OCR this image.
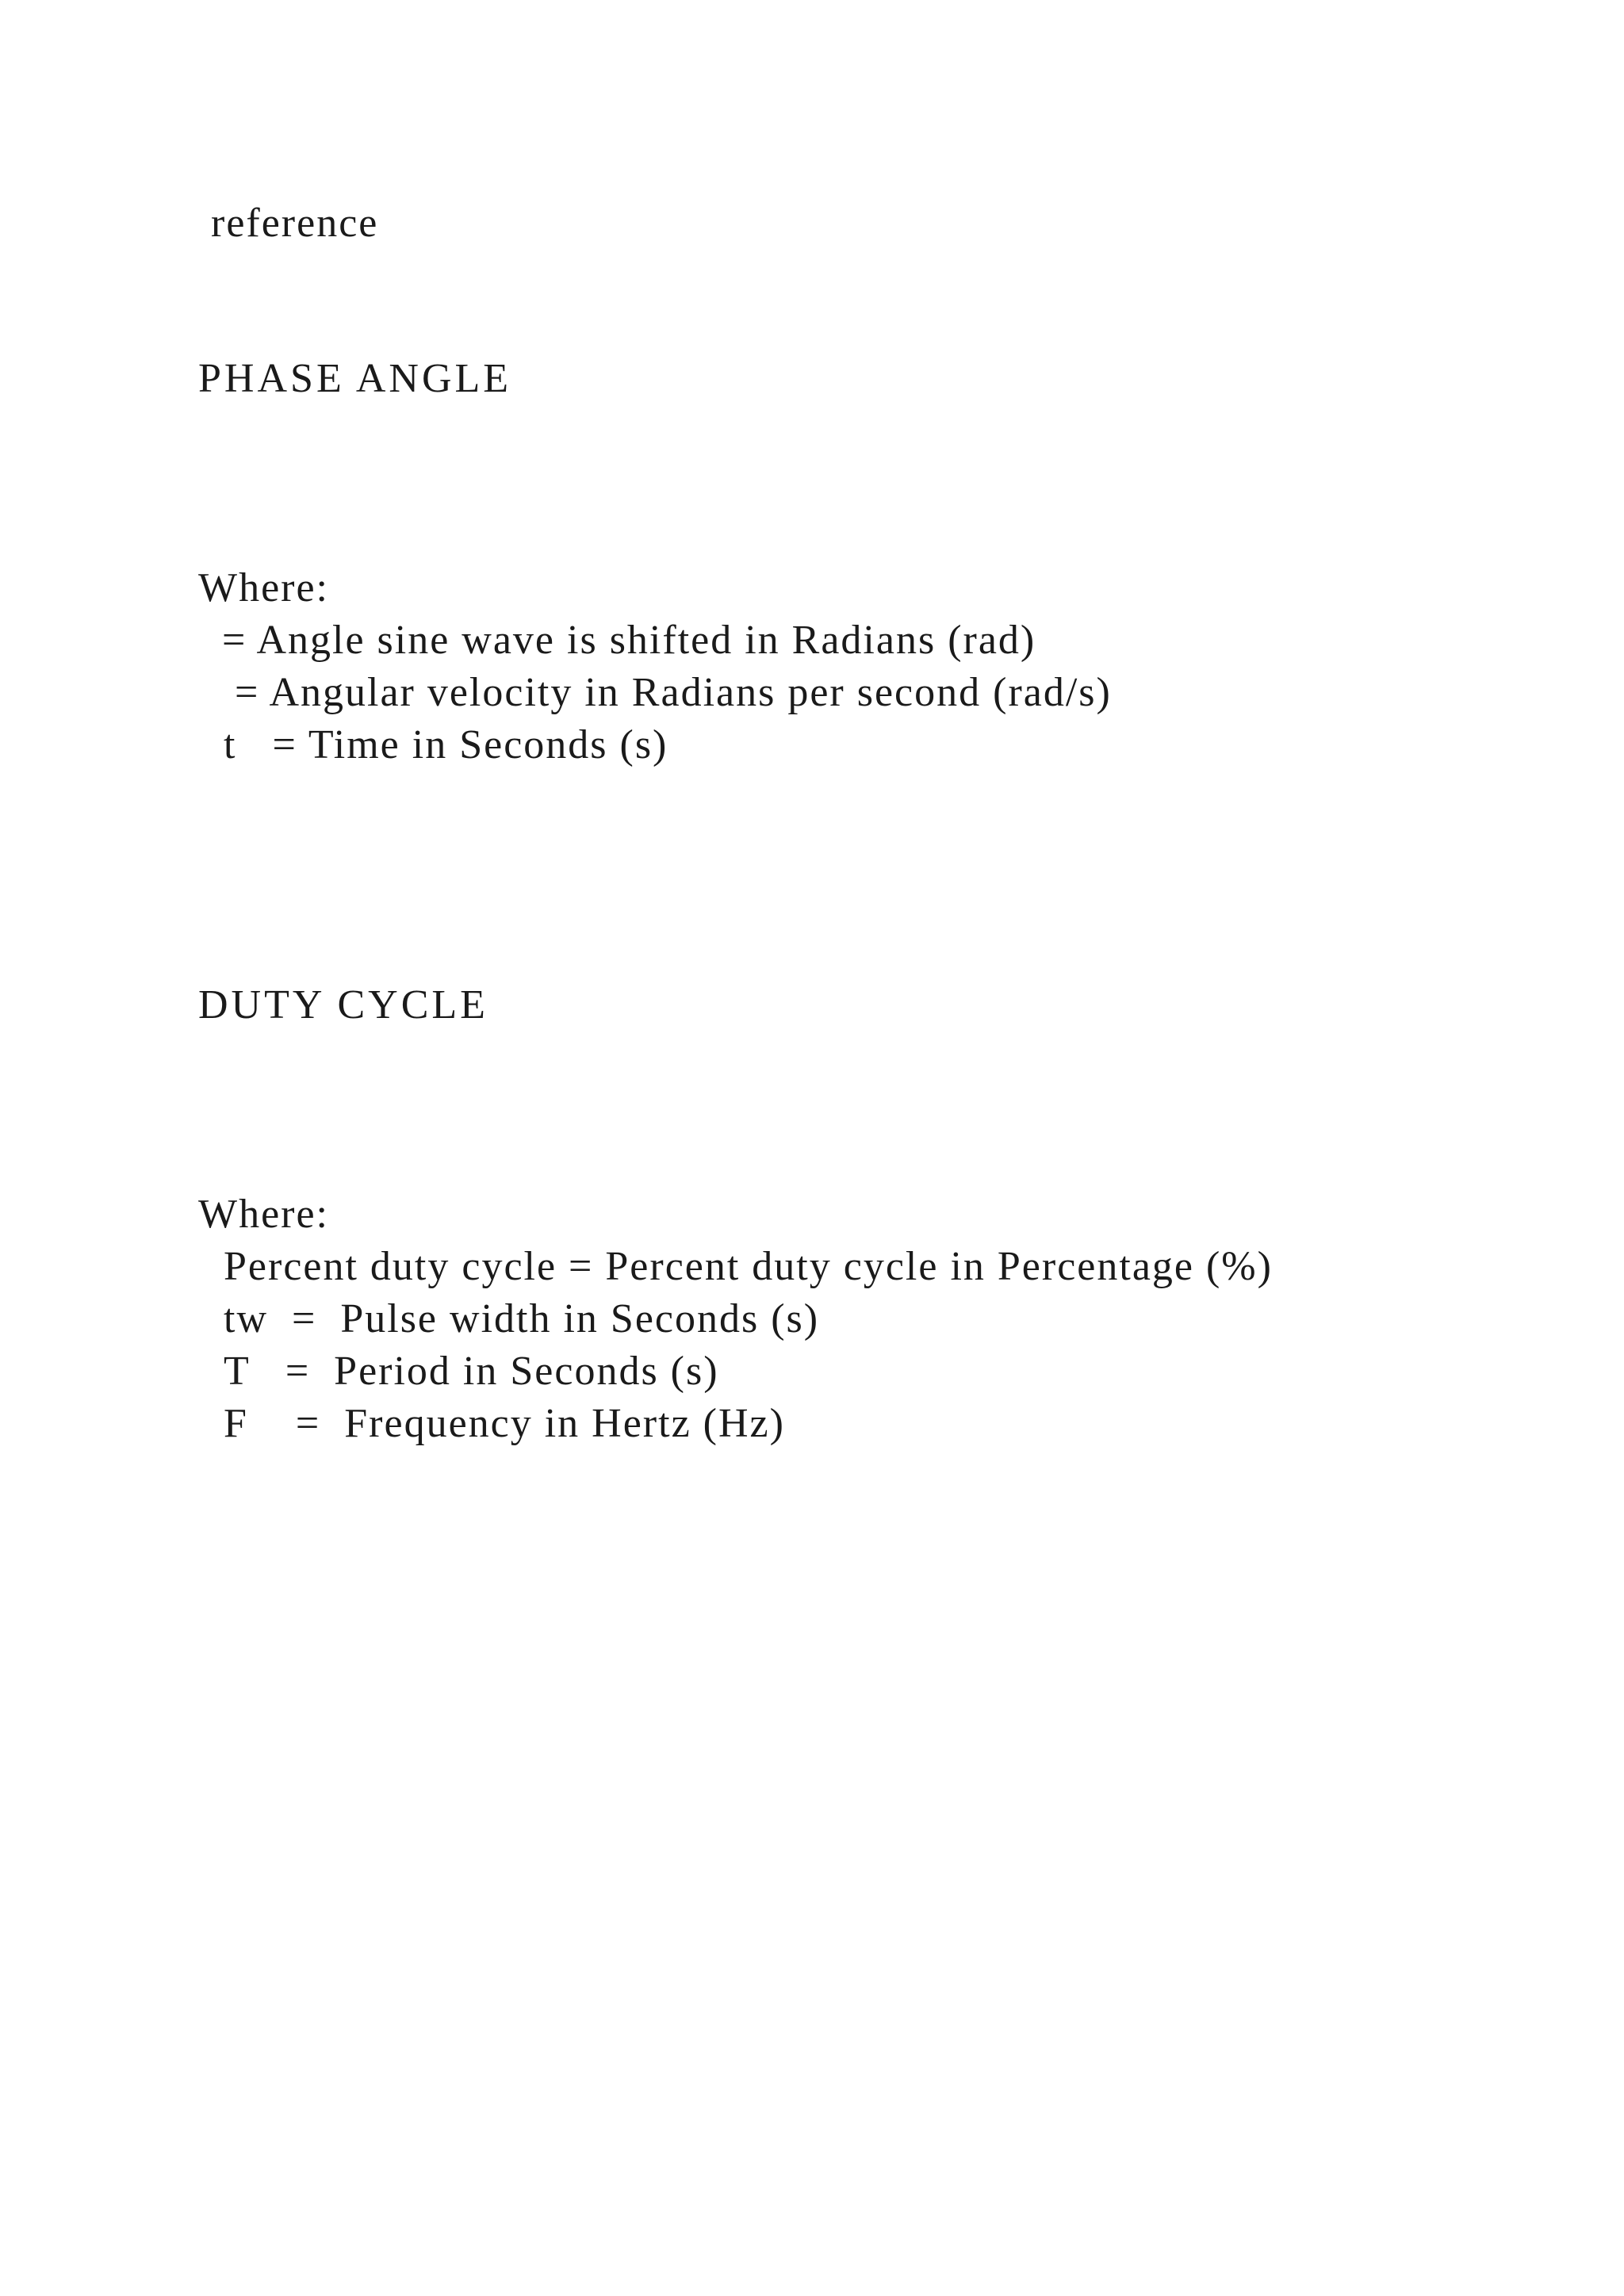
reference
PHASE ANGLE
Where:
= Angle sine wave is shifted in Radians (rad)
= Angular velocity in Radians per second (rad/s)
t   = Time in Seconds (s)
DUTY CYCLE
Where:
Percent duty cycle = Percent duty cycle in Percentage (%)
tw  =  Pulse width in Seconds (s)
T   =  Period in Seconds (s)
F    =  Frequency in Hertz (Hz)
